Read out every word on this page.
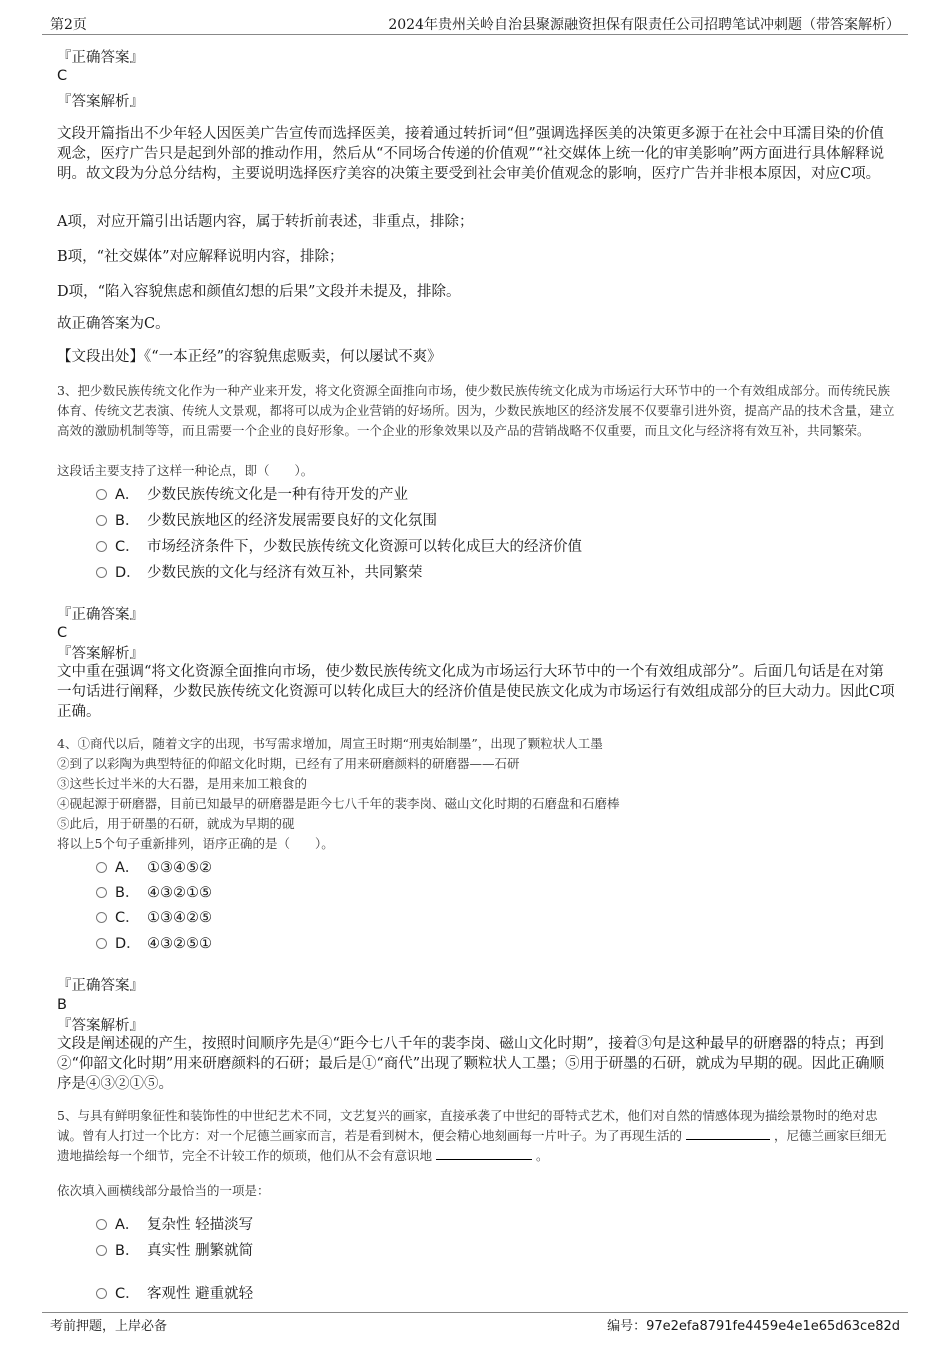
第2页	2024年贵州关岭自治县聚源融资担保有限责任公司招聘笔试冲刺题（带答案解析）
『正确答案』
C
『答案解析』
文段开篇指出不少年轻人因医美广告宣传而选择医美，接着通过转折词“但”强调选择医美的决策更多源于在社会中耳濡目染的价值观念，医疗广告只是起到外部的推动作用，然后从“不同场合传递的价值观”“社交媒体上统一化的审美影响”两方面进行具体解释说明。故文段为分总分结构，主要说明选择医疗美容的决策主要受到社会审美价值观念的影响，医疗广告并非根本原因，对应C项。
A项，对应开篇引出话题内容，属于转折前表述，非重点，排除；
B项，“社交媒体”对应解释说明内容，排除；
D项，“陷入容貌焦虑和颜值幻想的后果”文段并未提及，排除。
故正确答案为C。
【文段出处】《“一本正经”的容貌焦虑贩卖，何以屡试不爽》
3、把少数民族传统文化作为一种产业来开发，将文化资源全面推向市场，使少数民族传统文化成为市场运行大环节中的一个有效组成部分。而传统民族体育、传统文艺表演、传统人文景观，都将可以成为企业营销的好场所。因为，少数民族地区的经济发展不仅要靠引进外资，提高产品的技术含量，建立高效的激励机制等等，而且需要一个企业的良好形象。一个企业的形象效果以及产品的营销战略不仅重要，而且文化与经济将有效互补，共同繁荣。
这段话主要支持了这样一种论点，即（　　）。
A． 少数民族传统文化是一种有待开发的产业
B． 少数民族地区的经济发展需要良好的文化氛围
C． 市场经济条件下，少数民族传统文化资源可以转化成巨大的经济价值
D． 少数民族的文化与经济有效互补，共同繁荣
『正确答案』
C
『答案解析』
文中重在强调“将文化资源全面推向市场，使少数民族传统文化成为市场运行大环节中的一个有效组成部分”。后面几句话是在对第一句话进行阐释，少数民族传统文化资源可以转化成巨大的经济价值是使民族文化成为市场运行有效组成部分的巨大动力。因此C项正确。
4、①商代以后，随着文字的出现，书写需求增加，周宣王时期“刑夷始制墨”，出现了颗粒状人工墨
②到了以彩陶为典型特征的仰韶文化时期，已经有了用来研磨颜料的研磨器——石研
③这些长过半米的大石器，是用来加工粮食的
④砚起源于研磨器，目前已知最早的研磨器是距今七八千年的裴李岗、磁山文化时期的石磨盘和石磨棒
⑤此后，用于研墨的石研，就成为早期的砚
将以上5个句子重新排列，语序正确的是（　　）。
A． ①③④⑤②
B． ④③②①⑤
C． ①③④②⑤
D． ④③②⑤①
『正确答案』
B
『答案解析』
文段是阐述砚的产生，按照时间顺序先是④“距今七八千年的裴李岗、磁山文化时期”，接着③句是这种最早的研磨器的特点；再到②“仰韶文化时期”用来研磨颜料的石研；最后是①“商代”出现了颗粒状人工墨；⑤用于研墨的石研，就成为早期的砚。因此正确顺序是④③②①⑤。
5、与具有鲜明象征性和装饰性的中世纪艺术不同，文艺复兴的画家，直接承袭了中世纪的哥特式艺术，他们对自然的情感体现为描绘景物时的绝对忠诚。曾有人打过一个比方：对一个尼德兰画家而言，若是看到树木，便会精心地刻画每一片叶子。为了再现生活的	，尼德兰画家巨细无遗地描绘每一个细节，完全不计较工作的烦琐，他们从不会有意识地	。
依次填入画横线部分最恰当的一项是：
A． 复杂性 轻描淡写
B． 真实性 删繁就简
C． 客观性 避重就轻
考前押题，上岸必备	编号：97e2efa8791fe4459e4e1e65d63ce82d
